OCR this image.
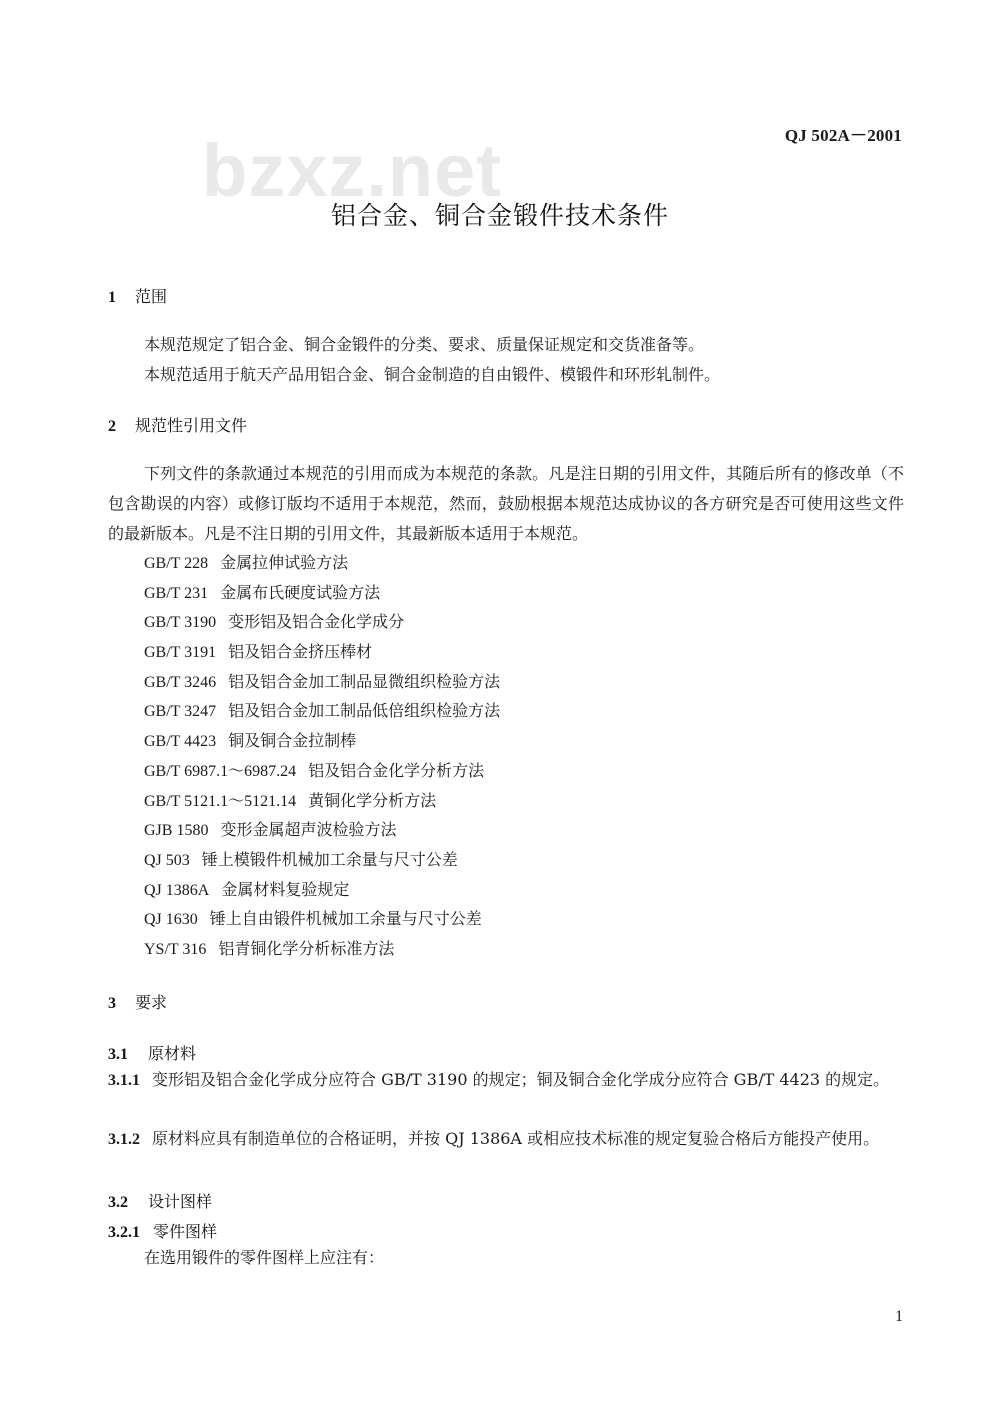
bzxz.net	QJ 502A－2001
铝合金、铜合金锻件技术条件
1 范围
本规范规定了铝合金、铜合金锻件的分类、要求、质量保证规定和交货准备等。
本规范适用于航天产品用铝合金、铜合金制造的自由锻件、模锻件和环形轧制件。
2 规范性引用文件
下列文件的条款通过本规范的引用而成为本规范的条款。凡是注日期的引用文件，其随后所有的修改单（不包含勘误的内容）或修订版均不适用于本规范，然而，鼓励根据本规范达成协议的各方研究是否可使用这些文件的最新版本。凡是不注日期的引用文件，其最新版本适用于本规范。
GB/T 228 金属拉伸试验方法
GB/T 231 金属布氏硬度试验方法
GB/T 3190 变形铝及铝合金化学成分
GB/T 3191 铝及铝合金挤压棒材
GB/T 3246 铝及铝合金加工制品显微组织检验方法
GB/T 3247 铝及铝合金加工制品低倍组织检验方法
GB/T 4423 铜及铜合金拉制棒
GB/T 6987.1～6987.24 铝及铝合金化学分析方法
GB/T 5121.1～5121.14 黄铜化学分析方法
GJB 1580 变形金属超声波检验方法
QJ 503 锤上模锻件机械加工余量与尺寸公差
QJ 1386A 金属材料复验规定
QJ 1630 锤上自由锻件机械加工余量与尺寸公差
YS/T 316 铝青铜化学分析标准方法
3 要求
3.1 原材料
3.1.1 变形铝及铝合金化学成分应符合 GB/T 3190 的规定；铜及铜合金化学成分应符合 GB/T 4423 的规定。
3.1.2 原材料应具有制造单位的合格证明，并按 QJ 1386A 或相应技术标准的规定复验合格后方能投产使用。
3.2 设计图样
3.2.1 零件图样
在选用锻件的零件图样上应注有：
1
